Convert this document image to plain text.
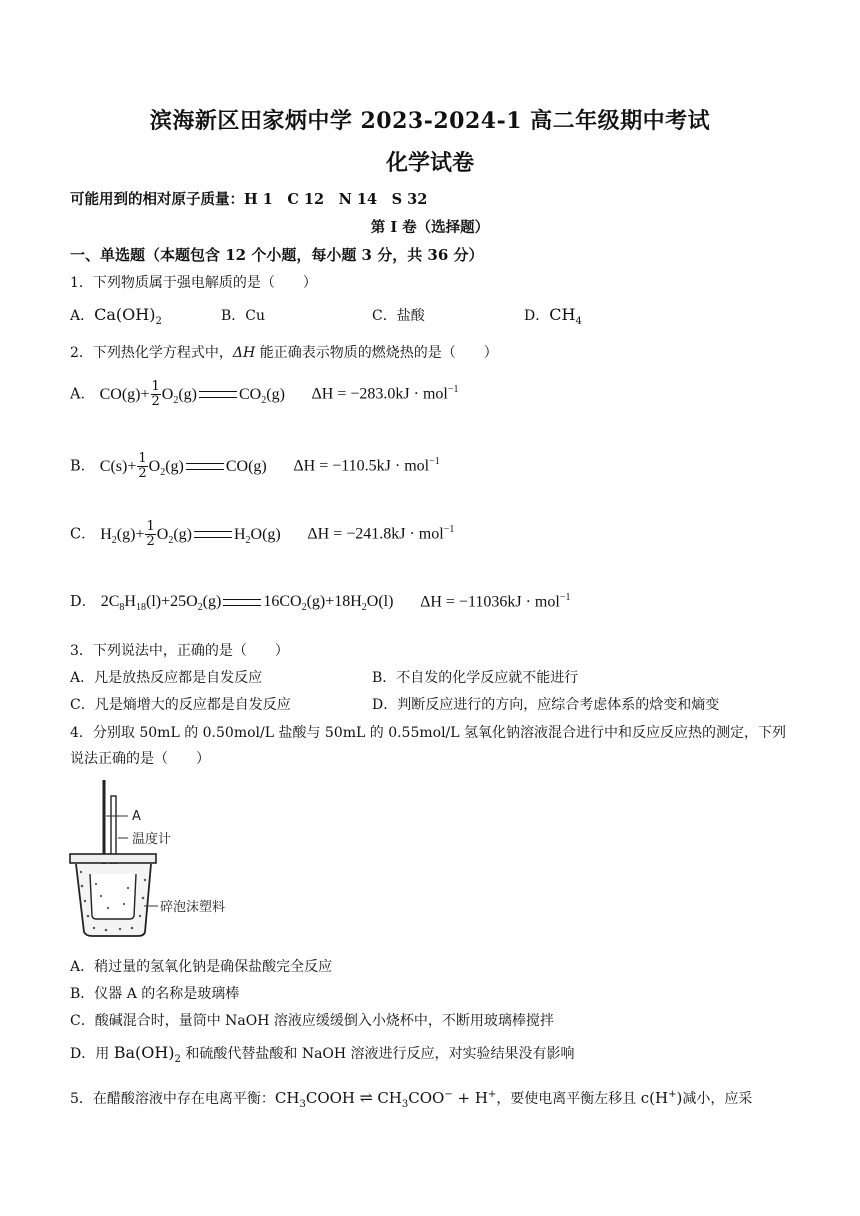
滨海新区田家炳中学 2023-2024-1 高二年级期中考试
化学试卷
可能用到的相对原子质量：H 1　C 12　N 14　S 32
第 I 卷（选择题）
一、单选题（本题包含 12 个小题，每小题 3 分，共 36 分）
1．下列物质属于强电解质的是（　　）
A．$Ca(OH)_2$	B．Cu	C．盐酸	D．$CH_4$
2．下列热化学方程式中，ΔH 能正确表示物质的燃烧热的是（　　）
A． $CO(g)+ \frac{1}{2} O_2(g)$	$CO_2(g) \Delta H = -283.0kJ \cdot mol^{-1}$
B． $C(s)+ \frac{1}{2} O_2(g)$	CO(g) ΔH = −110.5kJ · mol$^{-1}$
C． $H_2(g)+ \frac{1}{2} O_2(g)$	$H_2O(g) \Delta H = -241.8kJ \cdot mol^{-1}$
D． $2C_8H_{18}(l)+25O_2(g)$	$16CO_2(g)+18H_2O(l) \Delta H = -11036kJ \cdot mol^{-1}$
3．下列说法中，正确的是（　　）
A．凡是放热反应都是自发反应	B．不自发的化学反应就不能进行
C．凡是熵增大的反应都是自发反应	D．判断反应进行的方向，应综合考虑体系的焓变和熵变
4．分别取 50mL 的 0.50mol/L 盐酸与 50mL 的 0.55mol/L 氢氧化钠溶液混合进行中和反应反应热的测定，下列
说法正确的是（　　）
A
温度计
碎泡沫塑料
A．稍过量的氢氧化钠是确保盐酸完全反应
B．仪器 A 的名称是玻璃棒
C．酸碱混合时，量筒中 NaOH 溶液应缓缓倒入小烧杯中，不断用玻璃棒搅拌
D．用 $Ba(OH)_2$ 和硫酸代替盐酸和 NaOH 溶液进行反应，对实验结果没有影响
5．在醋酸溶液中存在电离平衡：$CH_3COOH$ ⇌ $CH_3COO^- + H^+$，要使电离平衡左移且 c(H+)减小，应采
